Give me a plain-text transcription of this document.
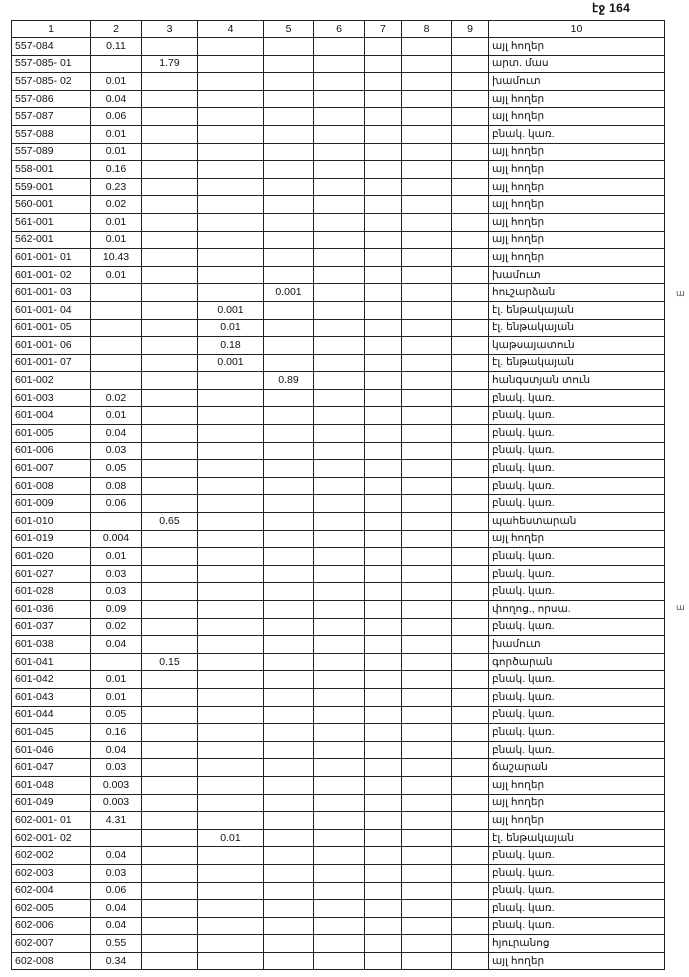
էջ 164
1	2	3	4	5	6	7	8	9	10
557-084	0.11								այլ հողեր
557-085- 01		1.79							արտ. մաս
557-085- 02	0.01								խամուտ
557-086	0.04								այլ հողեր
557-087	0.06								այլ հողեր
557-088	0.01								բնակ. կառ.
557-089	0.01								այլ հողեր
558-001	0.16								այլ հողեր
559-001	0.23								այլ հողեր
560-001	0.02								այլ հողեր
561-001	0.01								այլ հողեր
562-001	0.01								այլ հողեր
601-001- 01	10.43								այլ հողեր
601-001- 02	0.01								խամուտ
601-001- 03				0.001					հուշարձան
601-001- 04			0.001						էլ. ենթակայան
601-001- 05			0.01						էլ. ենթակայան
601-001- 06			0.18						կաթսայատուն
601-001- 07			0.001						էլ. ենթակայան
601-002				0.89					հանգստյան տուն
601-003	0.02								բնակ. կառ.
601-004	0.01								բնակ. կառ.
601-005	0.04								բնակ. կառ.
601-006	0.03								բնակ. կառ.
601-007	0.05								բնակ. կառ.
601-008	0.08								բնակ. կառ.
601-009	0.06								բնակ. կառ.
601-010		0.65							պահեստարան
601-019	0.004								այլ հողեր
601-020	0.01								բնակ. կառ.
601-027	0.03								բնակ. կառ.
601-028	0.03								բնակ. կառ.
601-036	0.09								փողոց., որսա.
601-037	0.02								բնակ. կառ.
601-038	0.04								խամուտ
601-041		0.15							գործարան
601-042	0.01								բնակ. կառ.
601-043	0.01								բնակ. կառ.
601-044	0.05								բնակ. կառ.
601-045	0.16								բնակ. կառ.
601-046	0.04								բնակ. կառ.
601-047	0.03								ճաշարան
601-048	0.003								այլ հողեր
601-049	0.003								այլ հողեր
602-001- 01	4.31								այլ հողեր
602-001- 02			0.01						էլ. ենթակայան
602-002	0.04								բնակ. կառ.
602-003	0.03								բնակ. կառ.
602-004	0.06								բնակ. կառ.
602-005	0.04								բնակ. կառ.
602-006	0.04								բնակ. կառ.
602-007	0.55								հյուրանոց
602-008	0.34								այլ հողեր
ա
ա
